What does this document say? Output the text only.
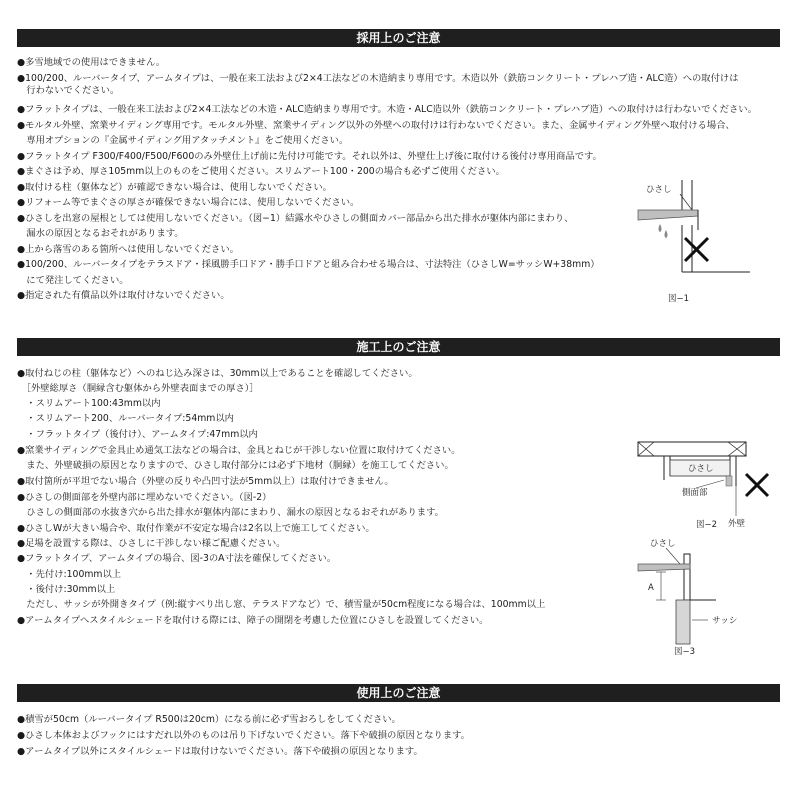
採用上のご注意
●多雪地域での使用はできません。
●100/200、ルーバータイプ、アームタイプは、一般在来工法および2×4工法などの木造納まり専用です。木造以外（鉄筋コンクリート・プレハブ造・ALC造）への取付けは
　行わないでください。
●フラットタイプは、一般在来工法および2×4工法などの木造・ALC造納まり専用です。木造・ALC造以外（鉄筋コンクリート・プレハブ造）への取付けは行わないでください。
●モルタル外壁、窯業サイディング専用です。モルタル外壁、窯業サイディング以外の外壁への取付けは行わないでください。また、金属サイディング外壁へ取付ける場合、
　専用オプションの『金属サイディング用アタッチメント』をご使用ください。
●フラットタイプ F300/F400/F500/F600のみ外壁仕上げ前に先付け可能です。それ以外は、外壁仕上げ後に取付ける後付け専用商品です。
●まぐさは予め、厚さ105mm以上のものをご使用ください。スリムアート100・200の場合も必ずご使用ください。
●取付ける柱（躯体など）が確認できない場合は、使用しないでください。
●リフォーム等でまぐさの厚さが確保できない場合には、使用しないでください。
●ひさしを出窓の屋根としては使用しないでください。（図−1）結露水やひさしの側面カバー部品から出た排水が躯体内部にまわり、
　漏水の原因となるおそれがあります。
●上から落雪のある箇所へは使用しないでください。
●100/200、ルーバータイプをテラスドア・採風勝手口ドア・勝手口ドアと組み合わせる場合は、寸法特注（ひさしW=サッシW+38mm）
　にて発注してください。
●指定された有償品以外は取付けないでください。
ひさし
図−1
施工上のご注意
●取付ねじの柱（躯体など）へのねじ込み深さは、30mm以上であることを確認してください。
　［外壁総厚さ（胴縁含む躯体から外壁表面までの厚さ）］
　・スリムアート100:43mm以内
　・スリムアート200、ルーバータイプ:54mm以内
　・フラットタイプ（後付け）、アームタイプ:47mm以内
●窯業サイディングで金具止め通気工法などの場合は、金具とねじが干渉しない位置に取付けてください。
　また、外壁破損の原因となりますので、ひさし取付部分には必ず下地材（胴縁）を施工してください。
●取付箇所が平坦でない場合（外壁の反りや凸凹寸法が5mm以上）は取付けできません。
●ひさしの側面部を外壁内部に埋めないでください。（図-2）
　ひさしの側面部の水抜き穴から出た排水が躯体内部にまわり、漏水の原因となるおそれがあります。
●ひさしWが大きい場合や、取付作業が不安定な場合は2名以上で施工してください。
●足場を設置する際は、ひさしに干渉しない様ご配慮ください。
●フラットタイプ、アームタイプの場合、図-3のA寸法を確保してください。
　・先付け:100mm以上
　・後付け:30mm以上
　ただし、サッシが外開きタイプ（例:縦すべり出し窓、テラスドアなど）で、積雪量が50cm程度になる場合は、100mm以上
●アームタイプへスタイルシェードを取付ける際には、障子の開閉を考慮した位置にひさしを設置してください。
ひさし
側面部
外壁
図−2
ひさし
A
サッシ
図−3
使用上のご注意
●積雪が50cm（ルーバータイプ R500は20cm）になる前に必ず雪おろしをしてください。
●ひさし本体およびフックにはすだれ以外のものは吊り下げないでください。落下や破損の原因となります。
●アームタイプ以外にスタイルシェードは取付けないでください。落下や破損の原因となります。
